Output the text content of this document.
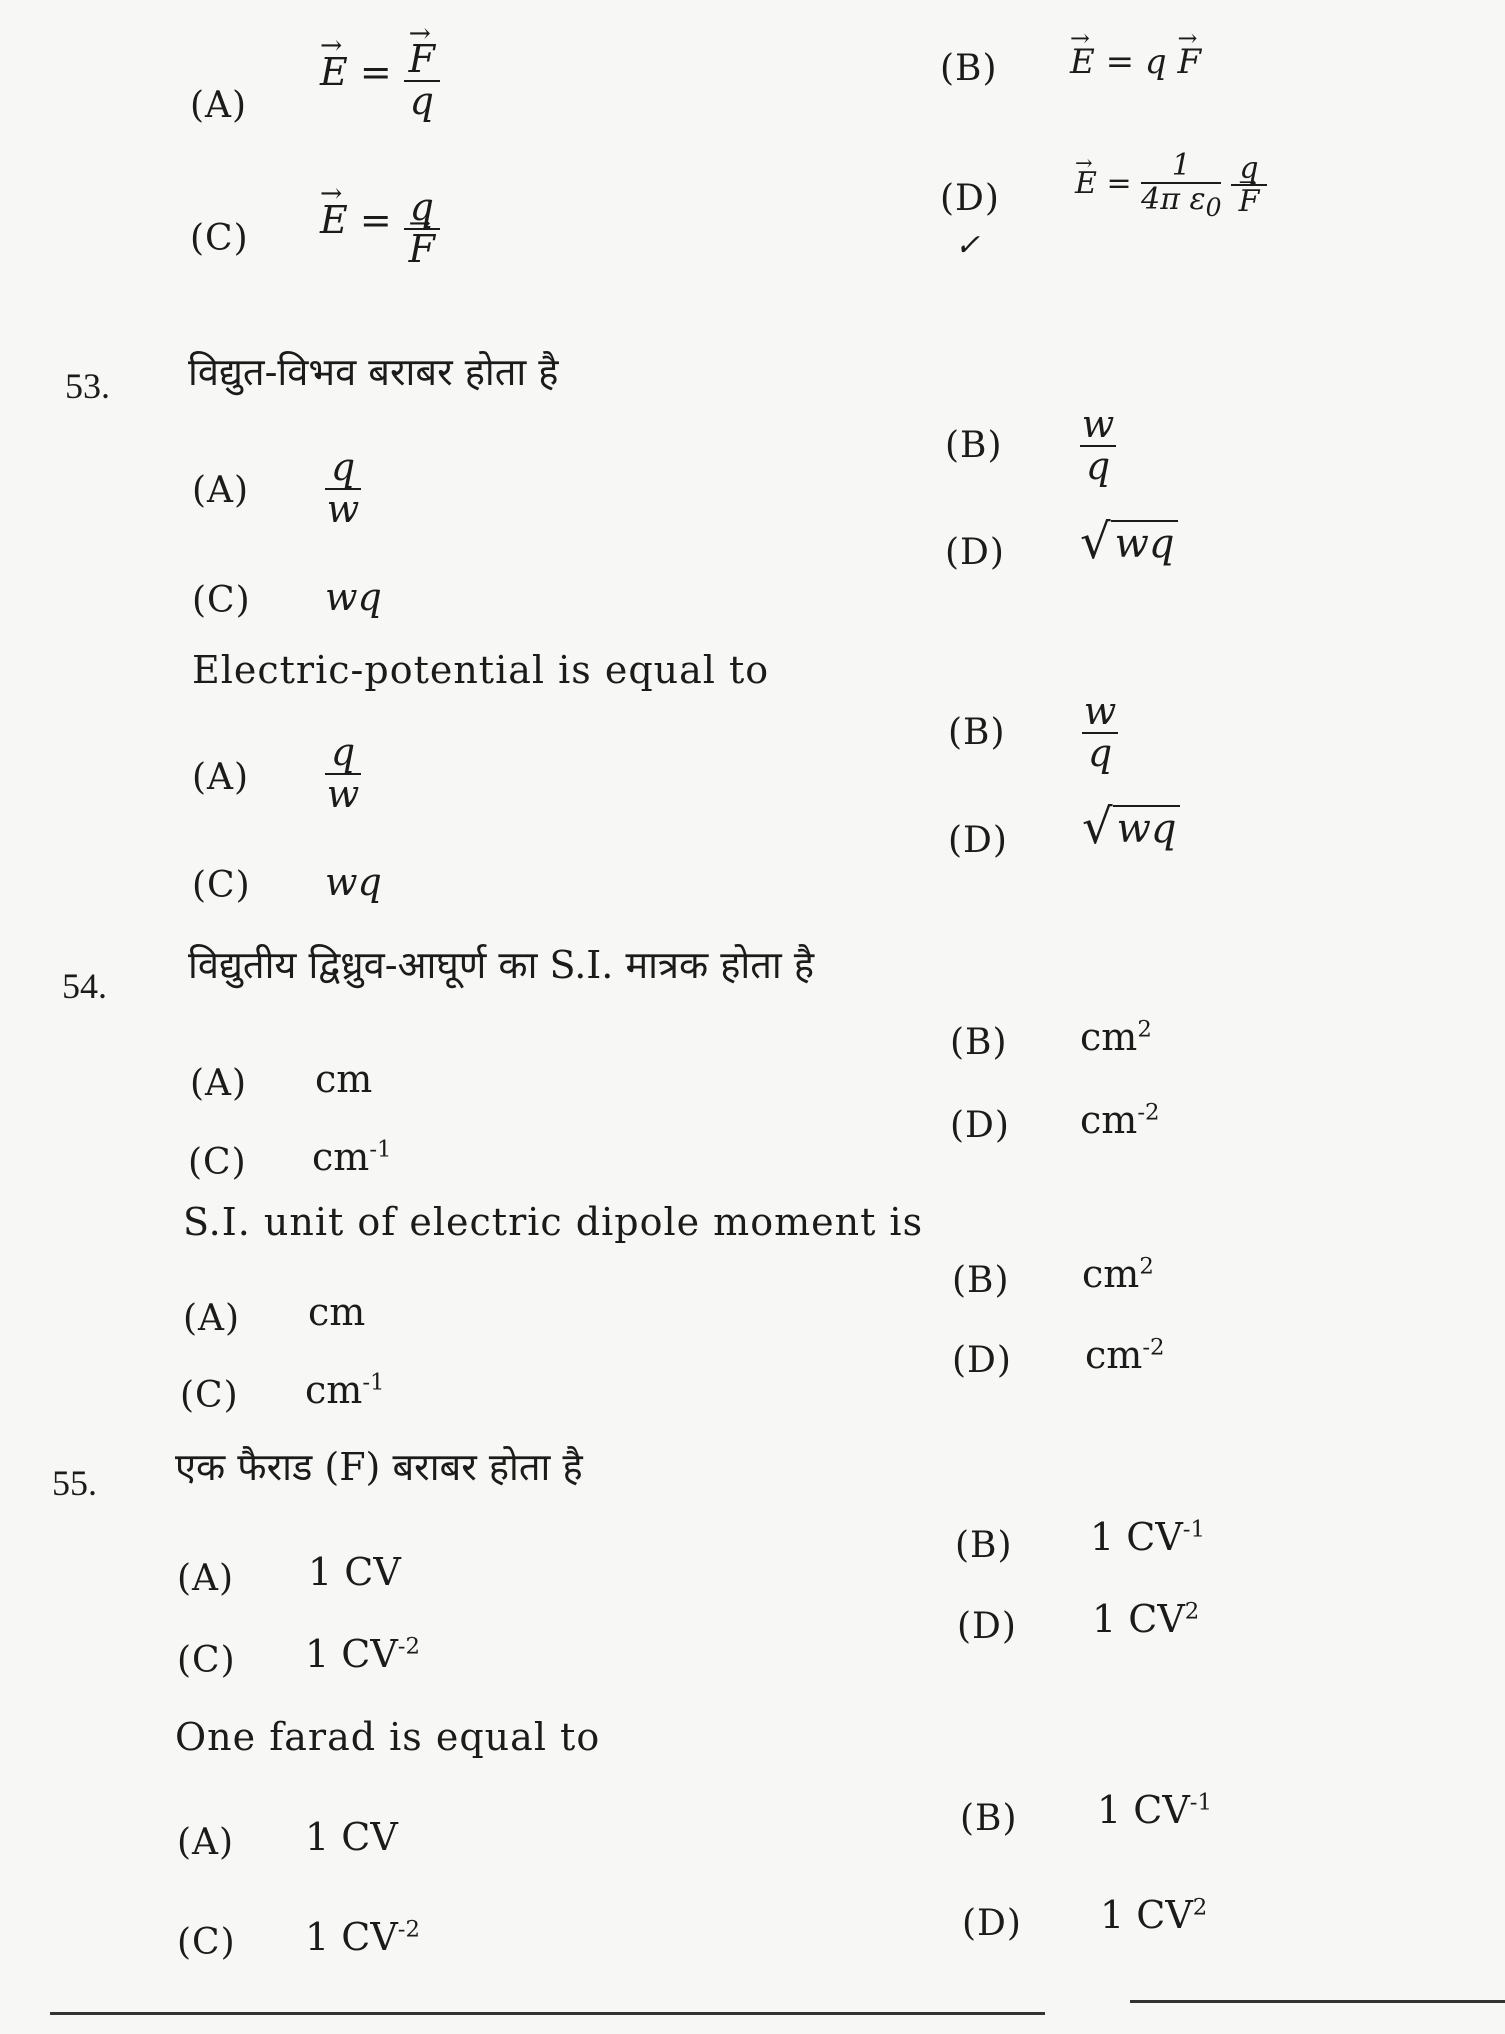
(A)
→ E = → $\frac{F}{q}$	(B) → E = q → F
(C) → E = q
→ F	(D)
✓
→ $E = \frac{1}{4\pi \varepsilon_0}$
q
→ F
53. विद्युत-विभव बराबर होता है
$(B) \frac{w}{q}$
$(A) \frac{q}{w}$
(D) √ wq
(C) wq
Electric-potential is equal to
$(B) \frac{w}{q}$
$(A) \frac{q}{w}$
(D) √ wq
(C) wq
54. विद्युतीय द्विध्रुव-आघूर्ण का S.I. मात्रक होता है
(B) $cm^2$
(A) cm
(D) $cm^{-2}$
(C) $cm^{-1}$
S.I. unit of electric dipole moment is
(B) $cm^2$
(A) cm
(D) $cm^{-2}$
(C) $cm^{-1}$
55. एक फैराड (F) बराबर होता है
(B) 1 $CV^{-1}$
(A) 1 CV
(D) 1 $CV^2$
(C) 1 $CV^{-2}$
One farad is equal to
(B) 1 $CV^{-1}$
(A) 1 CV
(D) 1 $CV^2$
(C) 1 $CV^{-2}$
